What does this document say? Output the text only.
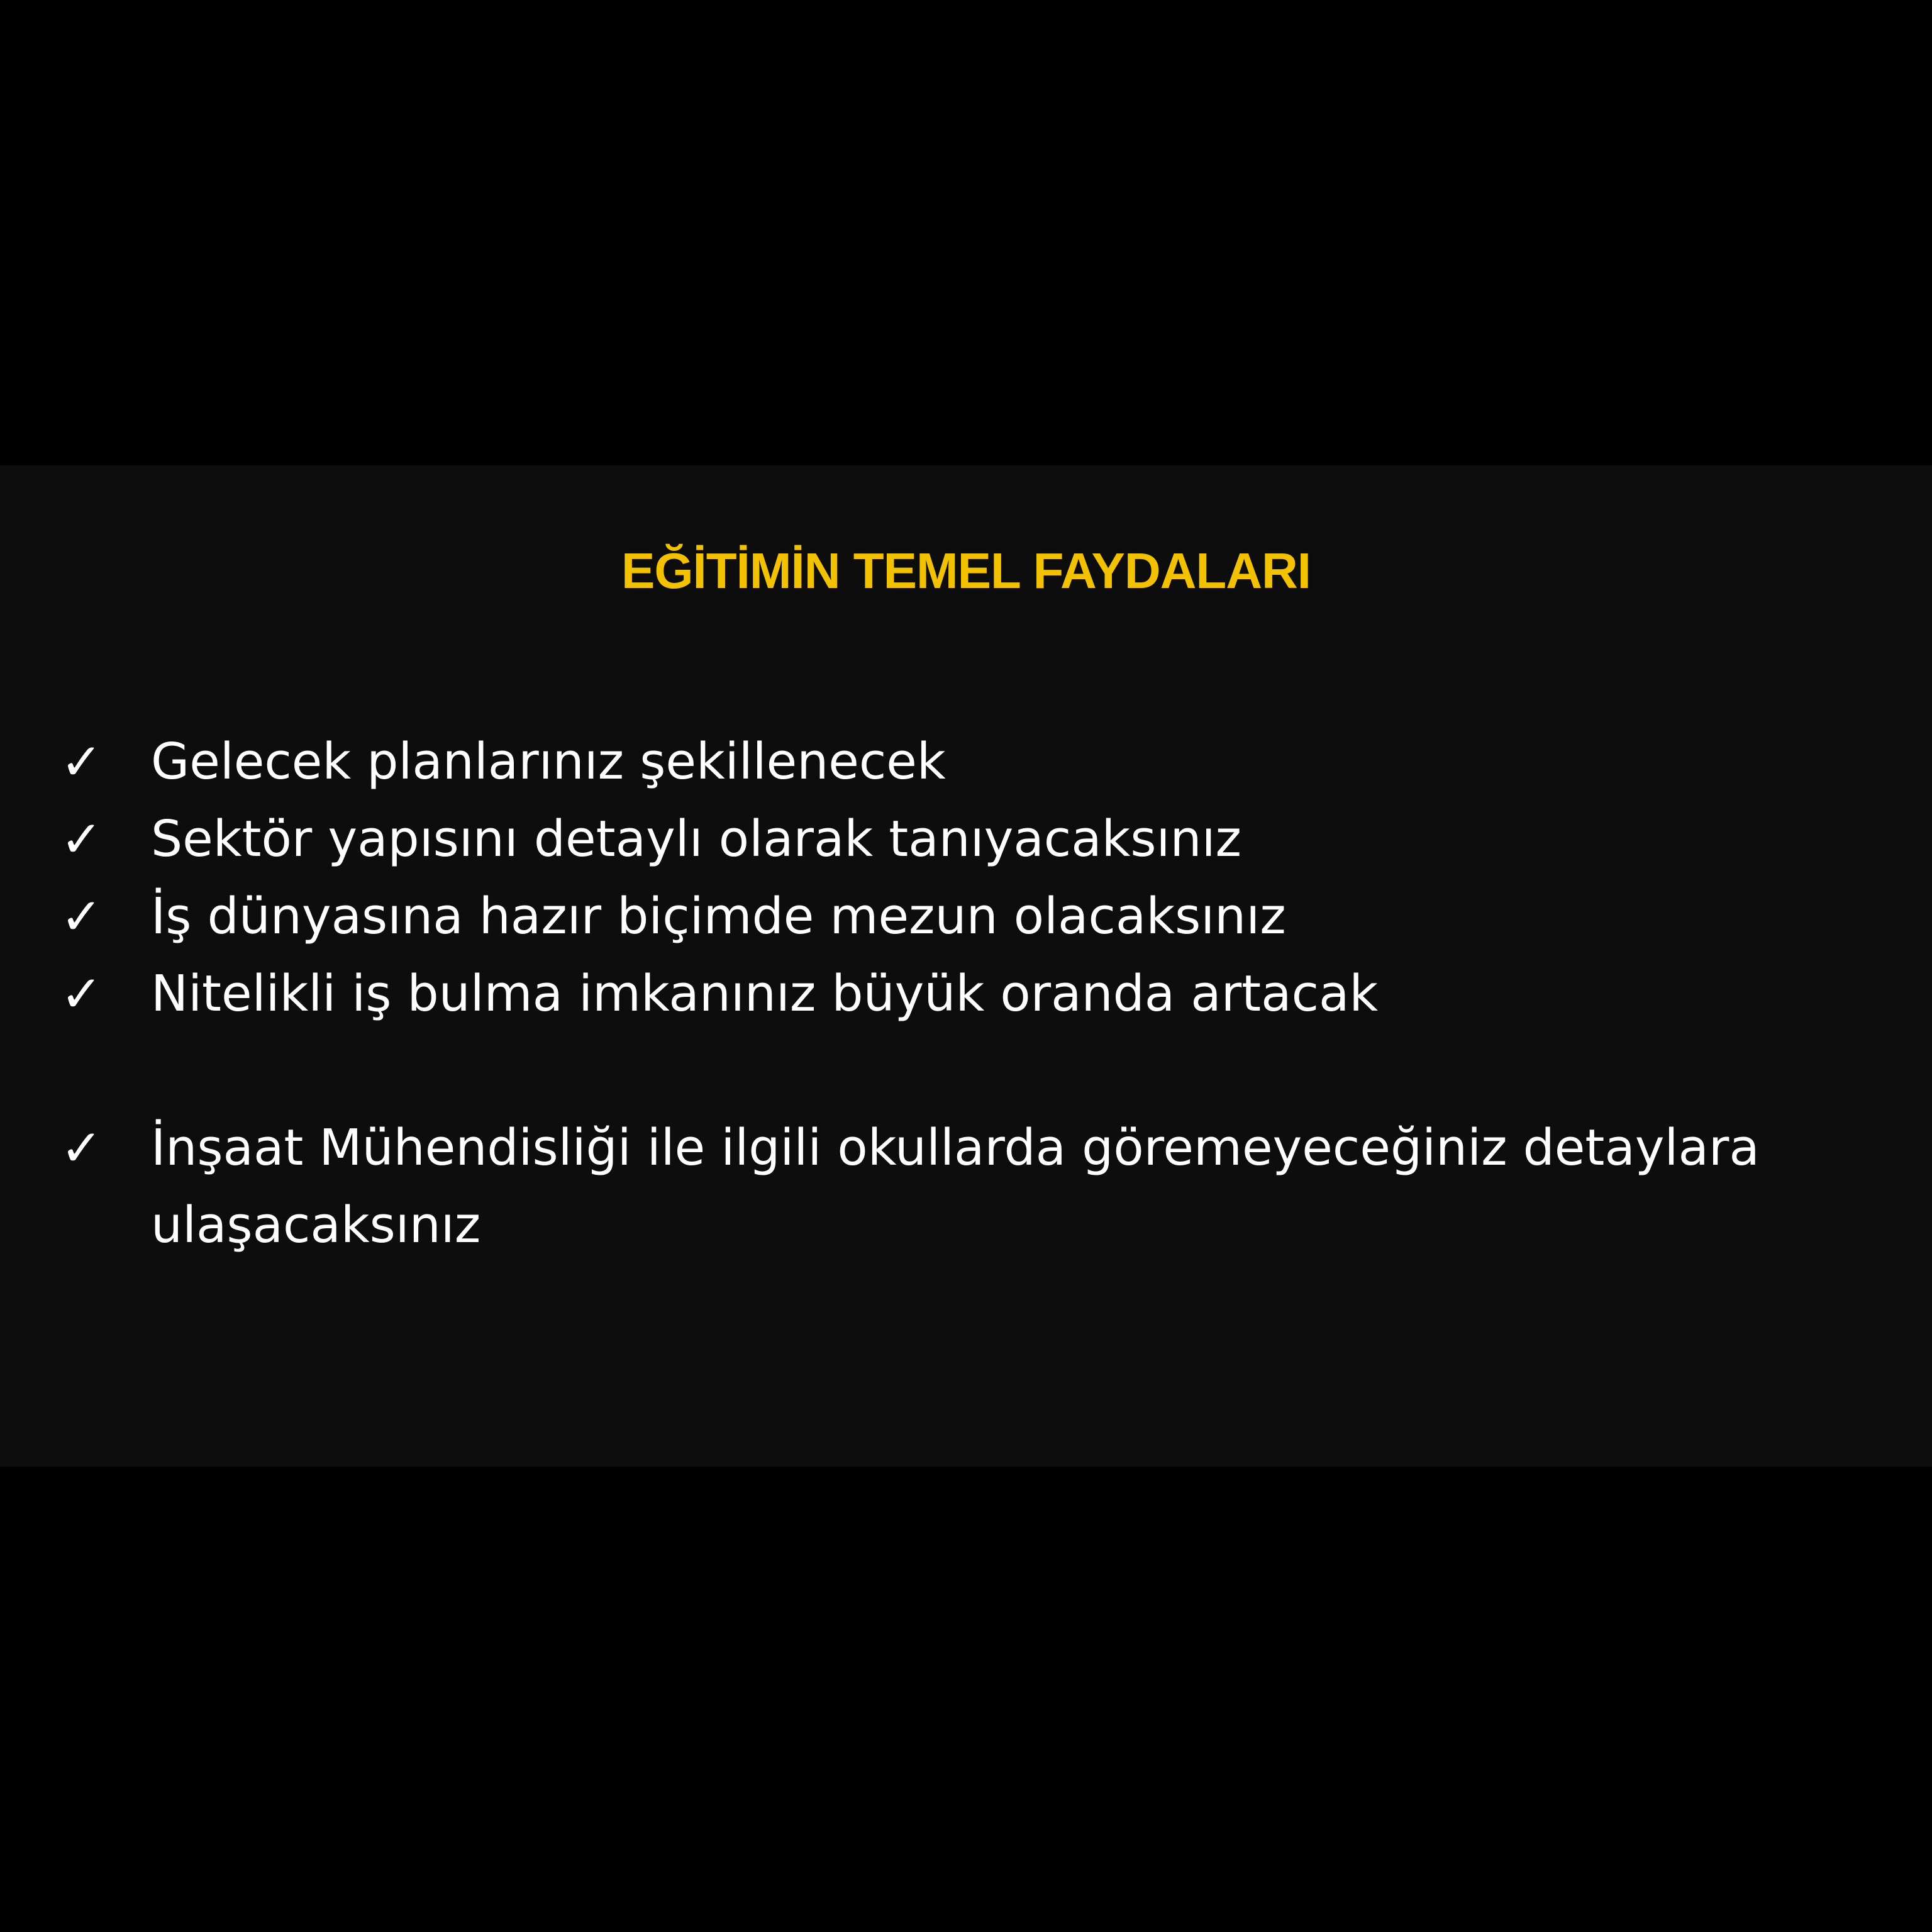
EĞİTİMİN TEMEL FAYDALARI
✓ Gelecek planlarınız şekillenecek
✓ Sektör yapısını detaylı olarak tanıyacaksınız
✓ İş dünyasına hazır biçimde mezun olacaksınız
✓ Nitelikli iş bulma imkanınız büyük oranda artacak
✓ İnşaat Mühendisliği ile ilgili okullarda göremeyeceğiniz detaylara ulaşacaksınız
